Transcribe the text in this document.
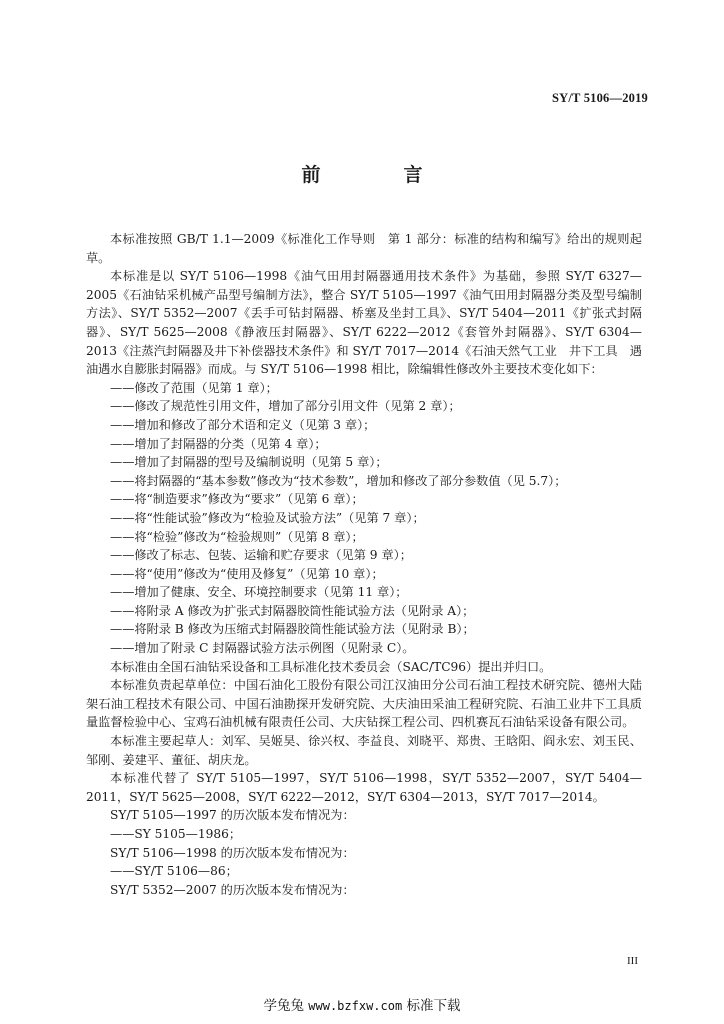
SY/T 5106—2019
前　言

本标准按照 GB/T 1.1—2009《标准化工作导则　第 1 部分：标准的结构和编写》给出的规则起草。

本标准是以 SY/T 5106—1998《油气田用封隔器通用技术条件》为基础，参照 SY/T 6327—2005《石油钻采机械产品型号编制方法》，整合 SY/T 5105—1997《油气田用封隔器分类及型号编制方法》、SY/T 5352—2007《丢手可钻封隔器、桥塞及坐封工具》、SY/T 5404—2011《扩张式封隔器》、SY/T 5625—2008《静液压封隔器》、SY/T 6222—2012《套管外封隔器》、SY/T 6304—2013《注蒸汽封隔器及井下补偿器技术条件》和 SY/T 7017—2014《石油天然气工业　井下工具　遇油遇水自膨胀封隔器》而成。与 SY/T 5106—1998 相比，除编辑性修改外主要技术变化如下：

——修改了范围（见第 1 章）；

——修改了规范性引用文件，增加了部分引用文件（见第 2 章）；

——增加和修改了部分术语和定义（见第 3 章）；

——增加了封隔器的分类（见第 4 章）；

——增加了封隔器的型号及编制说明（见第 5 章）；

——将封隔器的“基本参数”修改为“技术参数”，增加和修改了部分参数值（见 5.7）；

——将“制造要求”修改为“要求”（见第 6 章）；

——将“性能试验”修改为“检验及试验方法”（见第 7 章）；

——将“检验”修改为“检验规则”（见第 8 章）；

——修改了标志、包装、运输和贮存要求（见第 9 章）；

——将“使用”修改为“使用及修复”（见第 10 章）；

——增加了健康、安全、环境控制要求（见第 11 章）；

——将附录 A 修改为扩张式封隔器胶筒性能试验方法（见附录 A）；

——将附录 B 修改为压缩式封隔器胶筒性能试验方法（见附录 B）；

——增加了附录 C 封隔器试验方法示例图（见附录 C）。

本标准由全国石油钻采设备和工具标准化技术委员会（SAC/TC96）提出并归口。

本标准负责起草单位：中国石油化工股份有限公司江汉油田分公司石油工程技术研究院、德州大陆架石油工程技术有限公司、中国石油勘探开发研究院、大庆油田采油工程研究院、石油工业井下工具质量监督检验中心、宝鸡石油机械有限责任公司、大庆钻探工程公司、四机赛瓦石油钻采设备有限公司。

本标准主要起草人：刘军、吴姬昊、徐兴权、李益良、刘晓平、郑贵、王晗阳、阎永宏、刘玉民、邹刚、姜建平、董征、胡庆龙。

本标准代替了 SY/T 5105—1997，SY/T 5106—1998，SY/T 5352—2007，SY/T 5404—2011，SY/T 5625—2008，SY/T 6222—2012，SY/T 6304—2013，SY/T 7017—2014。

SY/T 5105—1997 的历次版本发布情况为：

——SY 5105—1986；

SY/T 5106—1998 的历次版本发布情况为：

——SY/T 5106—86；

SY/T 5352—2007 的历次版本发布情况为：

III
学兔兔 www.bzfxw.com 标准下载
